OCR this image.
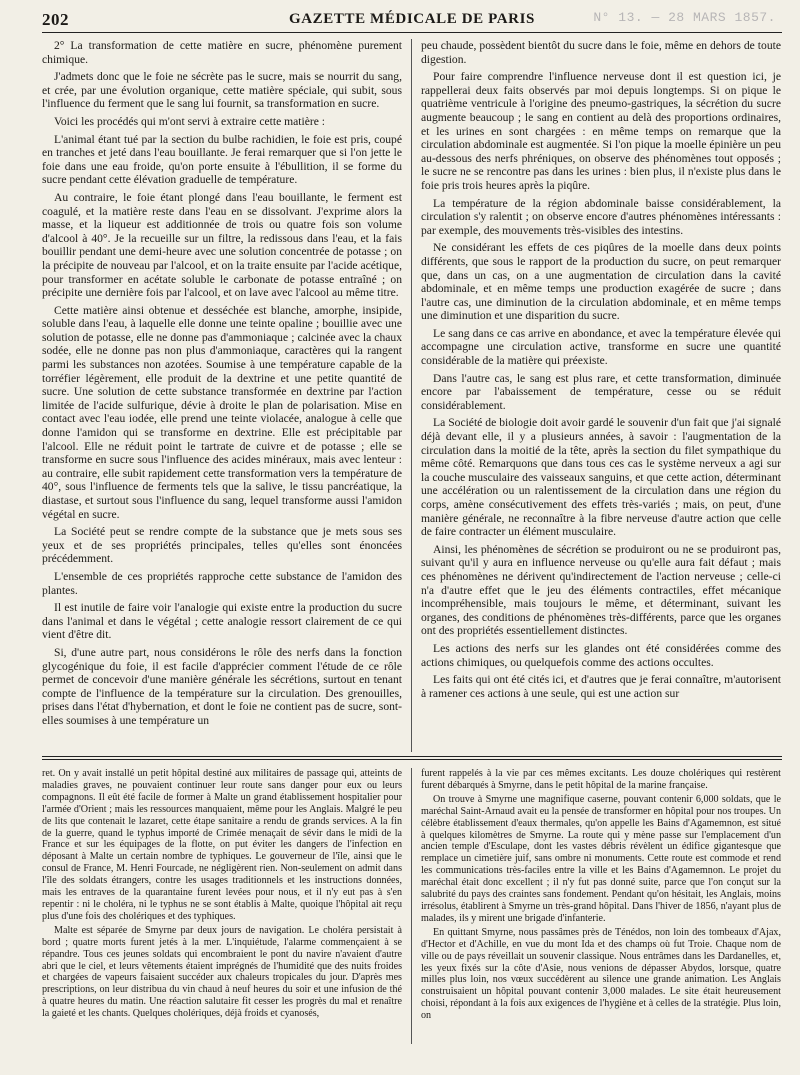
202	GAZETTE MÉDICALE DE PARIS	N° 13. — 28 MARS 1857.

2° La transformation de cette matière en sucre, phénomène purement chimique.

J'admets donc que le foie ne sécrète pas le sucre, mais se nourrit du sang, et crée, par une évolution organique, cette matière spéciale, qui subit, sous l'influence du ferment que le sang lui fournit, sa transformation en sucre.

Voici les procédés qui m'ont servi à extraire cette matière :

L'animal étant tué par la section du bulbe rachidien, le foie est pris, coupé en tranches et jeté dans l'eau bouillante. Je ferai remarquer que si l'on jette le foie dans une eau froide, qu'on porte ensuite à l'ébullition, il se forme du sucre pendant cette élévation graduelle de température.

Au contraire, le foie étant plongé dans l'eau bouillante, le ferment est coagulé, et la matière reste dans l'eau en se dissolvant. J'exprime alors la masse, et la liqueur est additionnée de trois ou quatre fois son volume d'alcool à 40°. Je la recueille sur un filtre, la redissous dans l'eau, et la fais bouillir pendant une demi-heure avec une solution concentrée de potasse ; on la précipite de nouveau par l'alcool, et on la traite ensuite par l'acide acétique, pour transformer en acétate soluble le carbonate de potasse entraîné ; on précipite une dernière fois par l'alcool, et on lave avec l'alcool au même titre.

Cette matière ainsi obtenue et desséchée est blanche, amorphe, insipide, soluble dans l'eau, à laquelle elle donne une teinte opaline ; bouillie avec une solution de potasse, elle ne donne pas d'ammoniaque ; calcinée avec la chaux sodée, elle ne donne pas non plus d'ammoniaque, caractères qui la rangent parmi les substances non azotées. Soumise à une température capable de la torréfier légèrement, elle produit de la dextrine et une petite quantité de sucre. Une solution de cette substance transformée en dextrine par l'action limitée de l'acide sulfurique, dévie à droite le plan de polarisation. Mise en contact avec l'eau iodée, elle prend une teinte violacée, analogue à celle que donne l'amidon qui se transforme en dextrine. Elle est précipitable par l'alcool. Elle ne réduit point le tartrate de cuivre et de potasse ; elle se transforme en sucre sous l'influence des acides minéraux, mais avec lenteur : au contraire, elle subit rapidement cette transformation vers la température de 40°, sous l'influence de ferments tels que la salive, le tissu pancréatique, la diastase, et surtout sous l'influence du sang, lequel transforme aussi l'amidon végétal en sucre.

La Société peut se rendre compte de la substance que je mets sous ses yeux et de ses propriétés principales, telles qu'elles sont énoncées précédemment.

L'ensemble de ces propriétés rapproche cette substance de l'amidon des plantes.

Il est inutile de faire voir l'analogie qui existe entre la production du sucre dans l'animal et dans le végétal ; cette analogie ressort clairement de ce qui vient d'être dit.

Si, d'une autre part, nous considérons le rôle des nerfs dans la fonction glycogénique du foie, il est facile d'apprécier comment l'étude de ce rôle permet de concevoir d'une manière générale les sécrétions, surtout en tenant compte de l'influence de la température sur la circulation. Des grenouilles, prises dans l'état d'hybernation, et dont le foie ne contient pas de sucre, sont-elles soumises à une température un

peu chaude, possèdent bientôt du sucre dans le foie, même en dehors de toute digestion.

Pour faire comprendre l'influence nerveuse dont il est question ici, je rappellerai deux faits observés par moi depuis longtemps. Si on pique le quatrième ventricule à l'origine des pneumo-gastriques, la sécrétion du sucre augmente beaucoup ; le sang en contient au delà des proportions ordinaires, et les urines en sont chargées : en même temps on remarque que la circulation abdominale est augmentée. Si l'on pique la moelle épinière un peu au-dessous des nerfs phréniques, on observe des phénomènes tout opposés ; le sucre ne se rencontre pas dans les urines : bien plus, il n'existe plus dans le foie pris trois heures après la piqûre.

La température de la région abdominale baisse considérablement, la circulation s'y ralentit ; on observe encore d'autres phénomènes intéressants : par exemple, des mouvements très-visibles des intestins.

Ne considérant les effets de ces piqûres de la moelle dans deux points différents, que sous le rapport de la production du sucre, on peut remarquer que, dans un cas, on a une augmentation de circulation dans la cavité abdominale, et en même temps une production exagérée de sucre ; dans l'autre cas, une diminution de la circulation abdominale, et en même temps une diminution et une disparition du sucre.

Le sang dans ce cas arrive en abondance, et avec la température élevée qui accompagne une circulation active, transforme en sucre une quantité considérable de la matière qui préexiste.

Dans l'autre cas, le sang est plus rare, et cette transformation, diminuée encore par l'abaissement de température, cesse ou se réduit considérablement.

La Société de biologie doit avoir gardé le souvenir d'un fait que j'ai signalé déjà devant elle, il y a plusieurs années, à savoir : l'augmentation de la circulation dans la moitié de la tête, après la section du filet sympathique du même côté. Remarquons que dans tous ces cas le système nerveux a agi sur la couche musculaire des vaisseaux sanguins, et que cette action, déterminant une accélération ou un ralentissement de la circulation dans une région du corps, amène consécutivement des effets très-variés ; mais, on peut, d'une manière générale, ne reconnaître à la fibre nerveuse d'autre action que celle de faire contracter un élément musculaire.

Ainsi, les phénomènes de sécrétion se produiront ou ne se produiront pas, suivant qu'il y aura en influence nerveuse ou qu'elle aura fait défaut ; mais ces phénomènes ne dérivent qu'indirectement de l'action nerveuse ; celle-ci n'a d'autre effet que le jeu des éléments contractiles, effet mécanique incompréhensible, mais toujours le même, et déterminant, suivant les organes, des conditions de phénomènes très-différents, parce que les organes ont des propriétés essentiellement distinctes.

Les actions des nerfs sur les glandes ont été considérées comme des actions chimiques, ou quelquefois comme des actions occultes.

Les faits qui ont été cités ici, et d'autres que je ferai connaître, m'autorisent à ramener ces actions à une seule, qui est une action sur

ret. On y avait installé un petit hôpital destiné aux militaires de passage qui, atteints de maladies graves, ne pouvaient continuer leur route sans danger pour eux ou leurs compagnons. Il eût été facile de former à Malte un grand établissement hospitalier pour l'armée d'Orient ; mais les ressources manquaient, même pour les Anglais. Malgré le peu de lits que contenait le lazaret, cette étape sanitaire a rendu de grands services. A la fin de la guerre, quand le typhus importé de Crimée menaçait de sévir dans le midi de la France et sur les équipages de la flotte, on put éviter les dangers de l'infection en déposant à Malte un certain nombre de typhiques. Le gouverneur de l'île, ainsi que le consul de France, M. Henri Fourcade, ne négligèrent rien. Non-seulement on admit dans l'île des soldats étrangers, contre les usages traditionnels et les instructions données, mais les entraves de la quarantaine furent levées pour nous, et il n'y eut pas à s'en repentir : ni le choléra, ni le typhus ne se sont établis à Malte, quoique l'hôpital ait reçu plus d'une fois des cholériques et des typhiques.

Malte est séparée de Smyrne par deux jours de navigation. Le choléra persistait à bord ; quatre morts furent jetés à la mer. L'inquiétude, l'alarme commençaient à se répandre. Tous ces jeunes soldats qui encombraient le pont du navire n'avaient d'autre abri que le ciel, et leurs vêtements étaient imprégnés de l'humidité que des nuits froides et chargées de vapeurs faisaient succéder aux chaleurs tropicales du jour. D'après mes prescriptions, on leur distribua du vin chaud à neuf heures du soir et une infusion de thé à quatre heures du matin. Une réaction salutaire fit cesser les progrès du mal et renaître la gaieté et les chants. Quelques cholériques, déjà froids et cyanosés,

furent rappelés à la vie par ces mêmes excitants. Les douze cholériques qui restèrent furent débarqués à Smyrne, dans le petit hôpital de la marine française.

On trouve à Smyrne une magnifique caserne, pouvant contenir 6,000 soldats, que le maréchal Saint-Arnaud avait eu la pensée de transformer en hôpital pour nos troupes. Un célèbre établissement d'eaux thermales, qu'on appelle les Bains d'Agamemnon, est situé à quelques kilomètres de Smyrne. La route qui y mène passe sur l'emplacement d'un ancien temple d'Esculape, dont les vastes débris révèlent un édifice gigantesque que remplace un cimetière juif, sans ombre ni monuments. Cette route est commode et rend les communications très-faciles entre la ville et les Bains d'Agamemnon. Le projet du maréchal était donc excellent ; il n'y fut pas donné suite, parce que l'on conçut sur la salubrité du pays des craintes sans fondement. Pendant qu'on hésitait, les Anglais, moins irrésolus, établirent à Smyrne un très-grand hôpital. Dans l'hiver de 1856, n'ayant plus de malades, ils y mirent une brigade d'infanterie.

En quittant Smyrne, nous passâmes près de Ténédos, non loin des tombeaux d'Ajax, d'Hector et d'Achille, en vue du mont Ida et des champs où fut Troie. Chaque nom de ville ou de pays réveillait un souvenir classique. Nous entrâmes dans les Dardanelles, et, les yeux fixés sur la côte d'Asie, nous venions de dépasser Abydos, lorsque, quatre milles plus loin, nos vœux succédèrent au silence une grande animation. Les Anglais construisaient un hôpital pouvant contenir 3,000 malades. Le site était heureusement choisi, répondant à la fois aux exigences de l'hygiène et à celles de la stratégie. Plus loin, on
